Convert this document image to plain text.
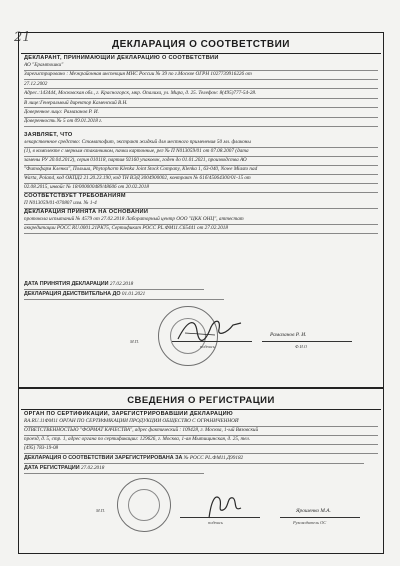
21	ДЕКЛАРАЦИЯ О СООТВЕТСТВИИ
ДЕКЛАРАНТ, ПРИНИМАЮЩИЙ ДЕКЛАРАЦИЮ О СООТВЕТСТВИИ
АО "Ерамтошки"
Зарегистрировано : Межрайонная инспекция МНС России № 39 по г.Москве ОГРН 1027739916226 от
27.12.2002
Адрес.:143444, Московская обл., г. Красногорск, мкр. Опалиха, ул. Мира, д. 25. Телефон: 8(495)777-54-28.
В лице:Генеральный директор Каменский В.Н.
Доверенное лицо: Рамазанов Р. И.
Доверенность № 5 от 09.01.2018 г.
ЗАЯВЛЯЕТ, ЧТО
лекарственное средство: Стоматофит, экстракт жидкий для местного применения 50 мл. флаконы
(1), в комплекте с мерным стаканчиком, пачки картонные, рег № П N013059/01 от 07.08.2007 (дата
замены РУ 20.04.2012), серия 010118, партия 92160 упаковок, годен до 01.01.2021, производства АО
"Фитофарм Кленка", Польша, Phytopharm Klenka Joint Stock Company, Klenka 1, 63-040, Nowe Miasto nad
Warta, Poland, код ОКПД2 21.20.23.190, код ТН ВЭД 3004900002, контракт № 61б/45064300/01-15 от
02.08.2015, инвойс № 18/000000489/48606 от 20.02.2018
СООТВЕТСТВУЕТ ТРЕБОВАНИЯМ
П N013059/01-070807 изм. № 1-4
ДЕКЛАРАЦИЯ ПРИНЯТА НА ОСНОВАНИИ
протокола испытаний № 4579 от 27.02.2018 Лабораторный центр ООО "ЦКК ОНЦ", аттестат
аккредитации РОСС RU.0001.21РК75, Сертификат РОСС PL.ФМ11.С65441 от 27.02.2018
ДАТА ПРИНЯТИЯ ДЕКЛАРАЦИИ 27.02.2018
ДЕКЛАРАЦИЯ ДЕЙСТВИТЕЛЬНА ДО 01.01.2021
М.П.
подпись
Рамазанов Р. И.
Ф.И.О
СВЕДЕНИЯ О РЕГИСТРАЦИИ
ОРГАН ПО СЕРТИФИКАЦИИ, ЗАРЕГИСТРИРОВАВШИЙ ДЕКЛАРАЦИЮ
RA.RU.11ФМ11 ОРГАН ПО СЕРТИФИКАЦИИ ПРОДУКЦИИ ОБЩЕСТВО С ОГРАНИЧЕННОЙ
ОТВЕТСТВЕННОСТЬЮ "ФОРМАТ КАЧЕСТВА", адрес фактический : 109428, г. Москва, 1-ый Вязовский
проезд, д. 5, стр. 1, адрес органа по сертификации: 129626, г. Москва, 1-ая Мытищинская, д. 25, тел.
(495) 783-19-08
ДЕКЛАРАЦИЯ О СООТВЕТСТВИИ ЗАРЕГИСТРИРОВАНА ЗА № РОСС PL.ФМ11.Д99182
ДАТА РЕГИСТРАЦИИ 27.02.2018
М.П.
подпись
Ярошенко М.А.
Руководитель ОС
